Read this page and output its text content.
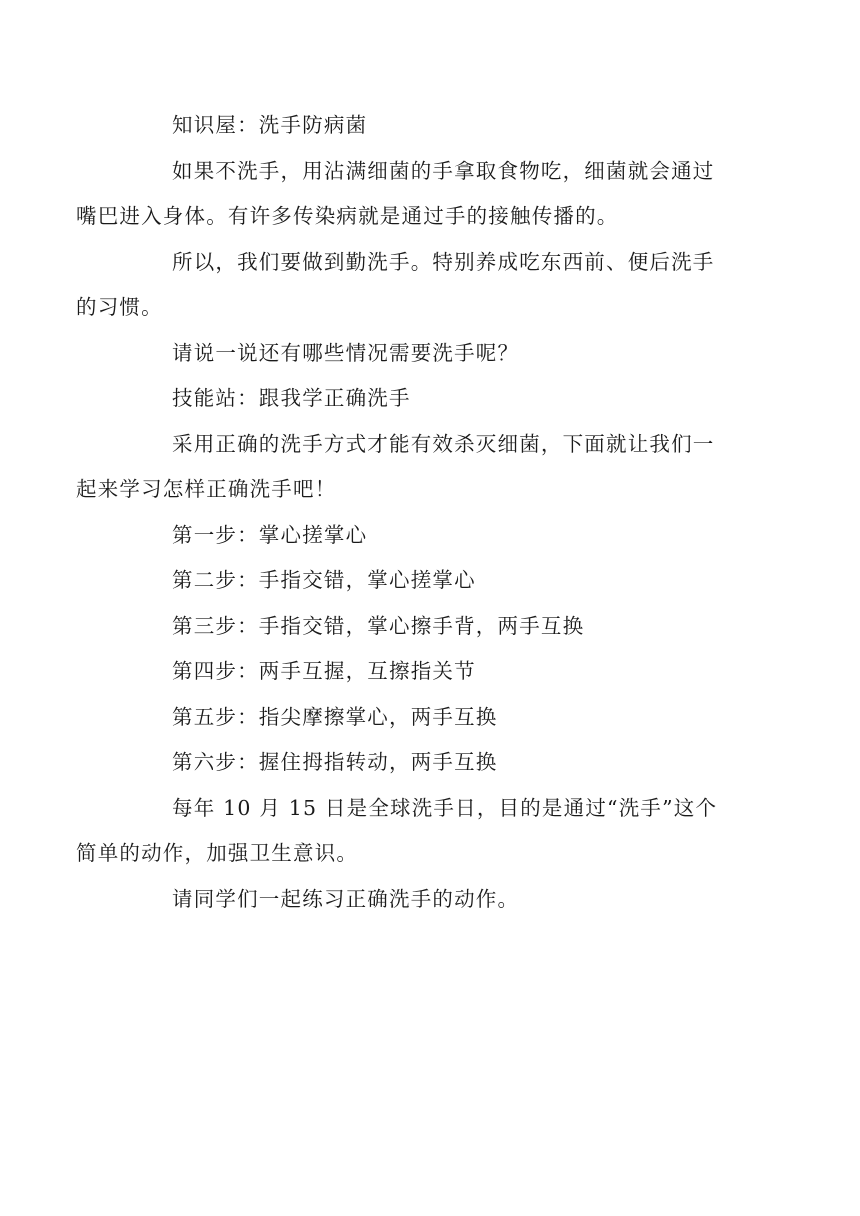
知识屋：洗手防病菌

如果不洗手，用沾满细菌的手拿取食物吃，细菌就会通过
嘴巴进入身体。有许多传染病就是通过手的接触传播的。

所以，我们要做到勤洗手。特别养成吃东西前、便后洗手
的习惯。

请说一说还有哪些情况需要洗手呢？

技能站：跟我学正确洗手

采用正确的洗手方式才能有效杀灭细菌，下面就让我们一
起来学习怎样正确洗手吧！

第一步：掌心搓掌心

第二步：手指交错，掌心搓掌心

第三步：手指交错，掌心擦手背，两手互换

第四步：两手互握，互擦指关节

第五步：指尖摩擦掌心，两手互换

第六步：握住拇指转动，两手互换

每年 10 月 15 日是全球洗手日，目的是通过“洗手”这个
简单的动作，加强卫生意识。

请同学们一起练习正确洗手的动作。
